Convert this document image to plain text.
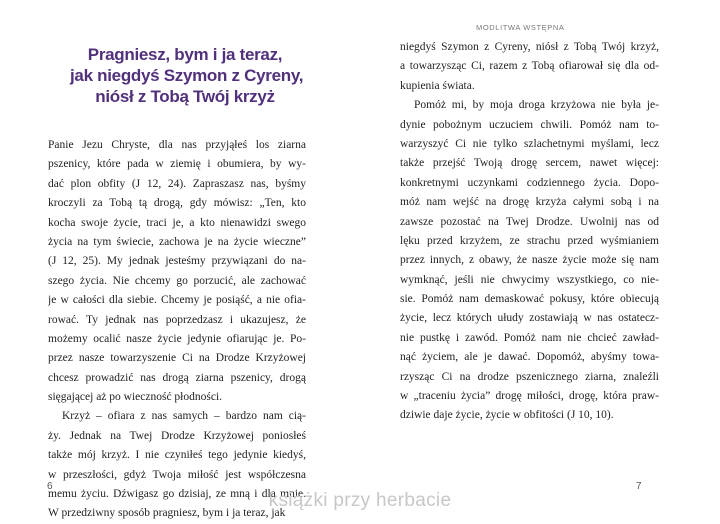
Pragniesz, bym i ja teraz,
jak niegdyś Szymon z Cyreny,
niósł z Tobą Twój krzyż
Panie Jezu Chryste, dla nas przyjąłeś los ziarna
pszenicy, które pada w ziemię i obumiera, by wy-
dać plon obfity (J 12, 24). Zapraszasz nas, byśmy
kroczyli za Tobą tą drogą, gdy mówisz: „Ten, kto
kocha swoje życie, traci je, a kto nienawidzi swego
życia na tym świecie, zachowa je na życie wieczne”
(J 12, 25). My jednak jesteśmy przywiązani do na-
szego życia. Nie chcemy go porzucić, ale zachować
je w całości dla siebie. Chcemy je posiąść, a nie ofia-
rować. Ty jednak nas poprzedzasz i ukazujesz, że
możemy ocalić nasze życie jedynie ofiarując je. Po-
przez nasze towarzyszenie Ci na Drodze Krzyżowej
chcesz prowadzić nas drogą ziarna pszenicy, drogą
sięgającej aż po wieczność płodności.
Krzyż – ofiara z nas samych – bardzo nam cią-
ży. Jednak na Twej Drodze Krzyżowej poniosłeś
także mój krzyż. I nie czyniłeś tego jedynie kiedyś,
w przeszłości, gdyż Twoja miłość jest współczesna
memu życiu. Dźwigasz go dzisiaj, ze mną i dla mnie.
W przedziwny sposób pragniesz, bym i ja teraz, jak
6
MODLITWA WSTĘPNA
niegdyś Szymon z Cyreny, niósł z Tobą Twój krzyż,
a towarzysząc Ci, razem z Tobą ofiarował się dla od-
kupienia świata.
Pomóż mi, by moja droga krzyżowa nie była je-
dynie pobożnym uczuciem chwili. Pomóż nam to-
warzyszyć Ci nie tylko szlachetnymi myślami, lecz
także przejść Twoją drogę sercem, nawet więcej:
konkretnymi uczynkami codziennego życia. Dopo-
móż nam wejść na drogę krzyża całymi sobą i na
zawsze pozostać na Twej Drodze. Uwolnij nas od
lęku przed krzyżem, ze strachu przed wyśmianiem
przez innych, z obawy, że nasze życie może się nam
wymknąć, jeśli nie chwycimy wszystkiego, co nie-
sie. Pomóż nam demaskować pokusy, które obiecują
życie, lecz których ułudy zostawiają w nas ostatecz-
nie pustkę i zawód. Pomóż nam nie chcieć zawład-
nąć życiem, ale je dawać. Dopomóż, abyśmy towa-
rzysząc Ci na drodze pszenicznego ziarna, znaleźli
w „traceniu życia” drogę miłości, drogę, która praw-
dziwie daje życie, życie w obfitości (J 10, 10).
7
książki przy herbacie
